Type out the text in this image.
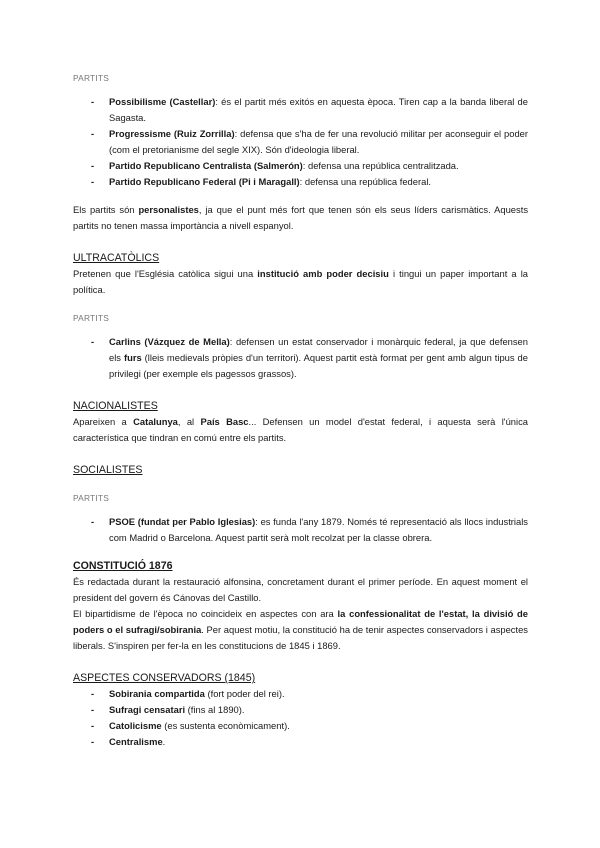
PARTITS

- Possibilisme (Castellar): és el partit més exitós en aquesta època. Tiren cap a la banda liberal de Sagasta.
- Progressisme (Ruiz Zorrilla): defensa que s'ha de fer una revolució militar per aconseguir el poder (com el pretorianisme del segle XIX). Són d'ideologia liberal.
- Partido Republicano Centralista (Salmerón): defensa una república centralitzada.
- Partido Republicano Federal (Pi i Maragall): defensa una república federal.

Els partits són personalistes, ja que el punt més fort que tenen són els seus líders carismàtics. Aquests partits no tenen massa importància a nivell espanyol.

ULTRACATÒLICS

Pretenen que l'Església catòlica sigui una institució amb poder decisiu i tingui un paper important a la política.

PARTITS

- Carlins (Vázquez de Mella): defensen un estat conservador i monàrquic federal, ja que defensen els furs (lleis medievals pròpies d'un territori). Aquest partit està format per gent amb algun tipus de privilegi (per exemple els pagessos grassos).

NACIONALISTES

Apareixen a Catalunya, al País Basc... Defensen un model d'estat federal, i aquesta serà l'única característica que tindran en comú entre els partits.

SOCIALISTES

PARTITS

- PSOE (fundat per Pablo Iglesias): es funda l'any 1879. Només té representació als llocs industrials com Madrid o Barcelona. Aquest partit serà molt recolzat per la classe obrera.

CONSTITUCIÓ 1876

És redactada durant la restauració alfonsina, concretament durant el primer període. En aquest moment el president del govern és Cánovas del Castillo.

El bipartidisme de l'època no coincideix en aspectes con ara la confessionalitat de l'estat, la divisió de poders o el sufragi/sobirania. Per aquest motiu, la constitució ha de tenir aspectes conservadors i aspectes liberals. S'inspiren per fer-la en les constitucions de 1845 i 1869.

ASPECTES CONSERVADORS (1845)

- Sobirania compartida (fort poder del rei).
- Sufragi censatari (fins al 1890).
- Catolicisme (es sustenta econòmicament).
- Centralisme.
